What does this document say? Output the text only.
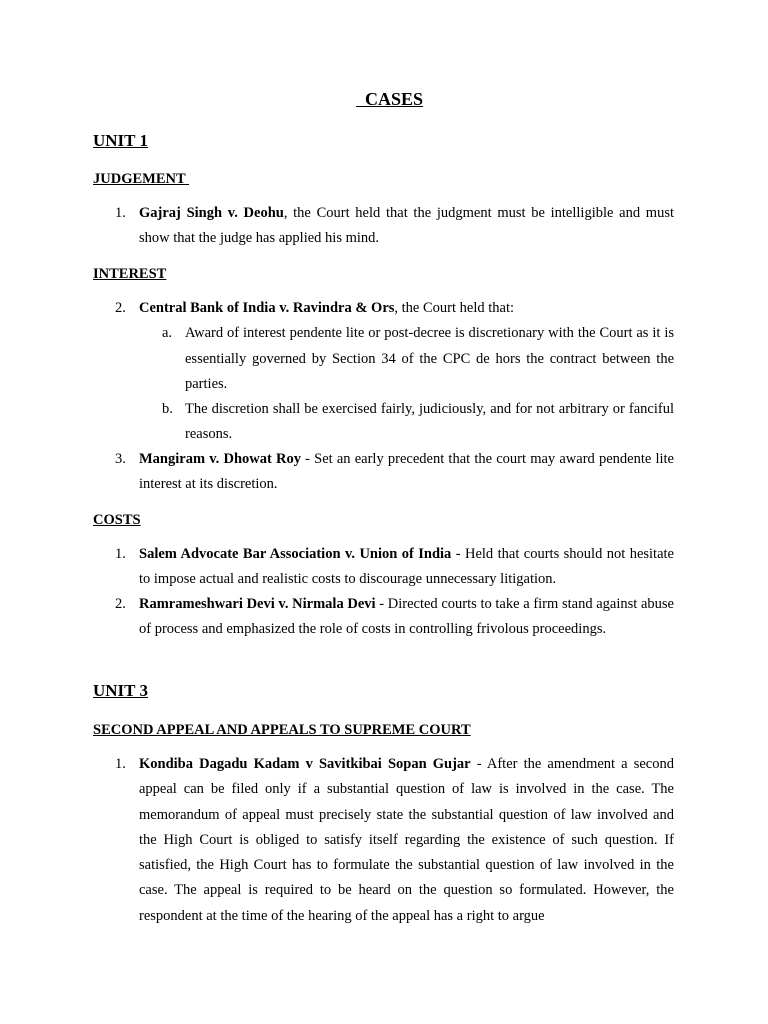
CASES
UNIT 1
JUDGEMENT
1. Gajraj Singh v. Deohu, the Court held that the judgment must be intelligible and must show that the judge has applied his mind.
INTEREST
2. Central Bank of India v. Ravindra & Ors, the Court held that:
a. Award of interest pendente lite or post-decree is discretionary with the Court as it is essentially governed by Section 34 of the CPC de hors the contract between the parties.
b. The discretion shall be exercised fairly, judiciously, and for not arbitrary or fanciful reasons.
3. Mangiram v. Dhowat Roy - Set an early precedent that the court may award pendente lite interest at its discretion.
COSTS
1. Salem Advocate Bar Association v. Union of India - Held that courts should not hesitate to impose actual and realistic costs to discourage unnecessary litigation.
2. Ramrameshwari Devi v. Nirmala Devi - Directed courts to take a firm stand against abuse of process and emphasized the role of costs in controlling frivolous proceedings.
UNIT 3
SECOND APPEAL AND APPEALS TO SUPREME COURT
1. Kondiba Dagadu Kadam v Savitkibai Sopan Gujar - After the amendment a second appeal can be filed only if a substantial question of law is involved in the case. The memorandum of appeal must precisely state the substantial question of law involved and the High Court is obliged to satisfy itself regarding the existence of such question. If satisfied, the High Court has to formulate the substantial question of law involved in the case. The appeal is required to be heard on the question so formulated. However, the respondent at the time of the hearing of the appeal has a right to argue
